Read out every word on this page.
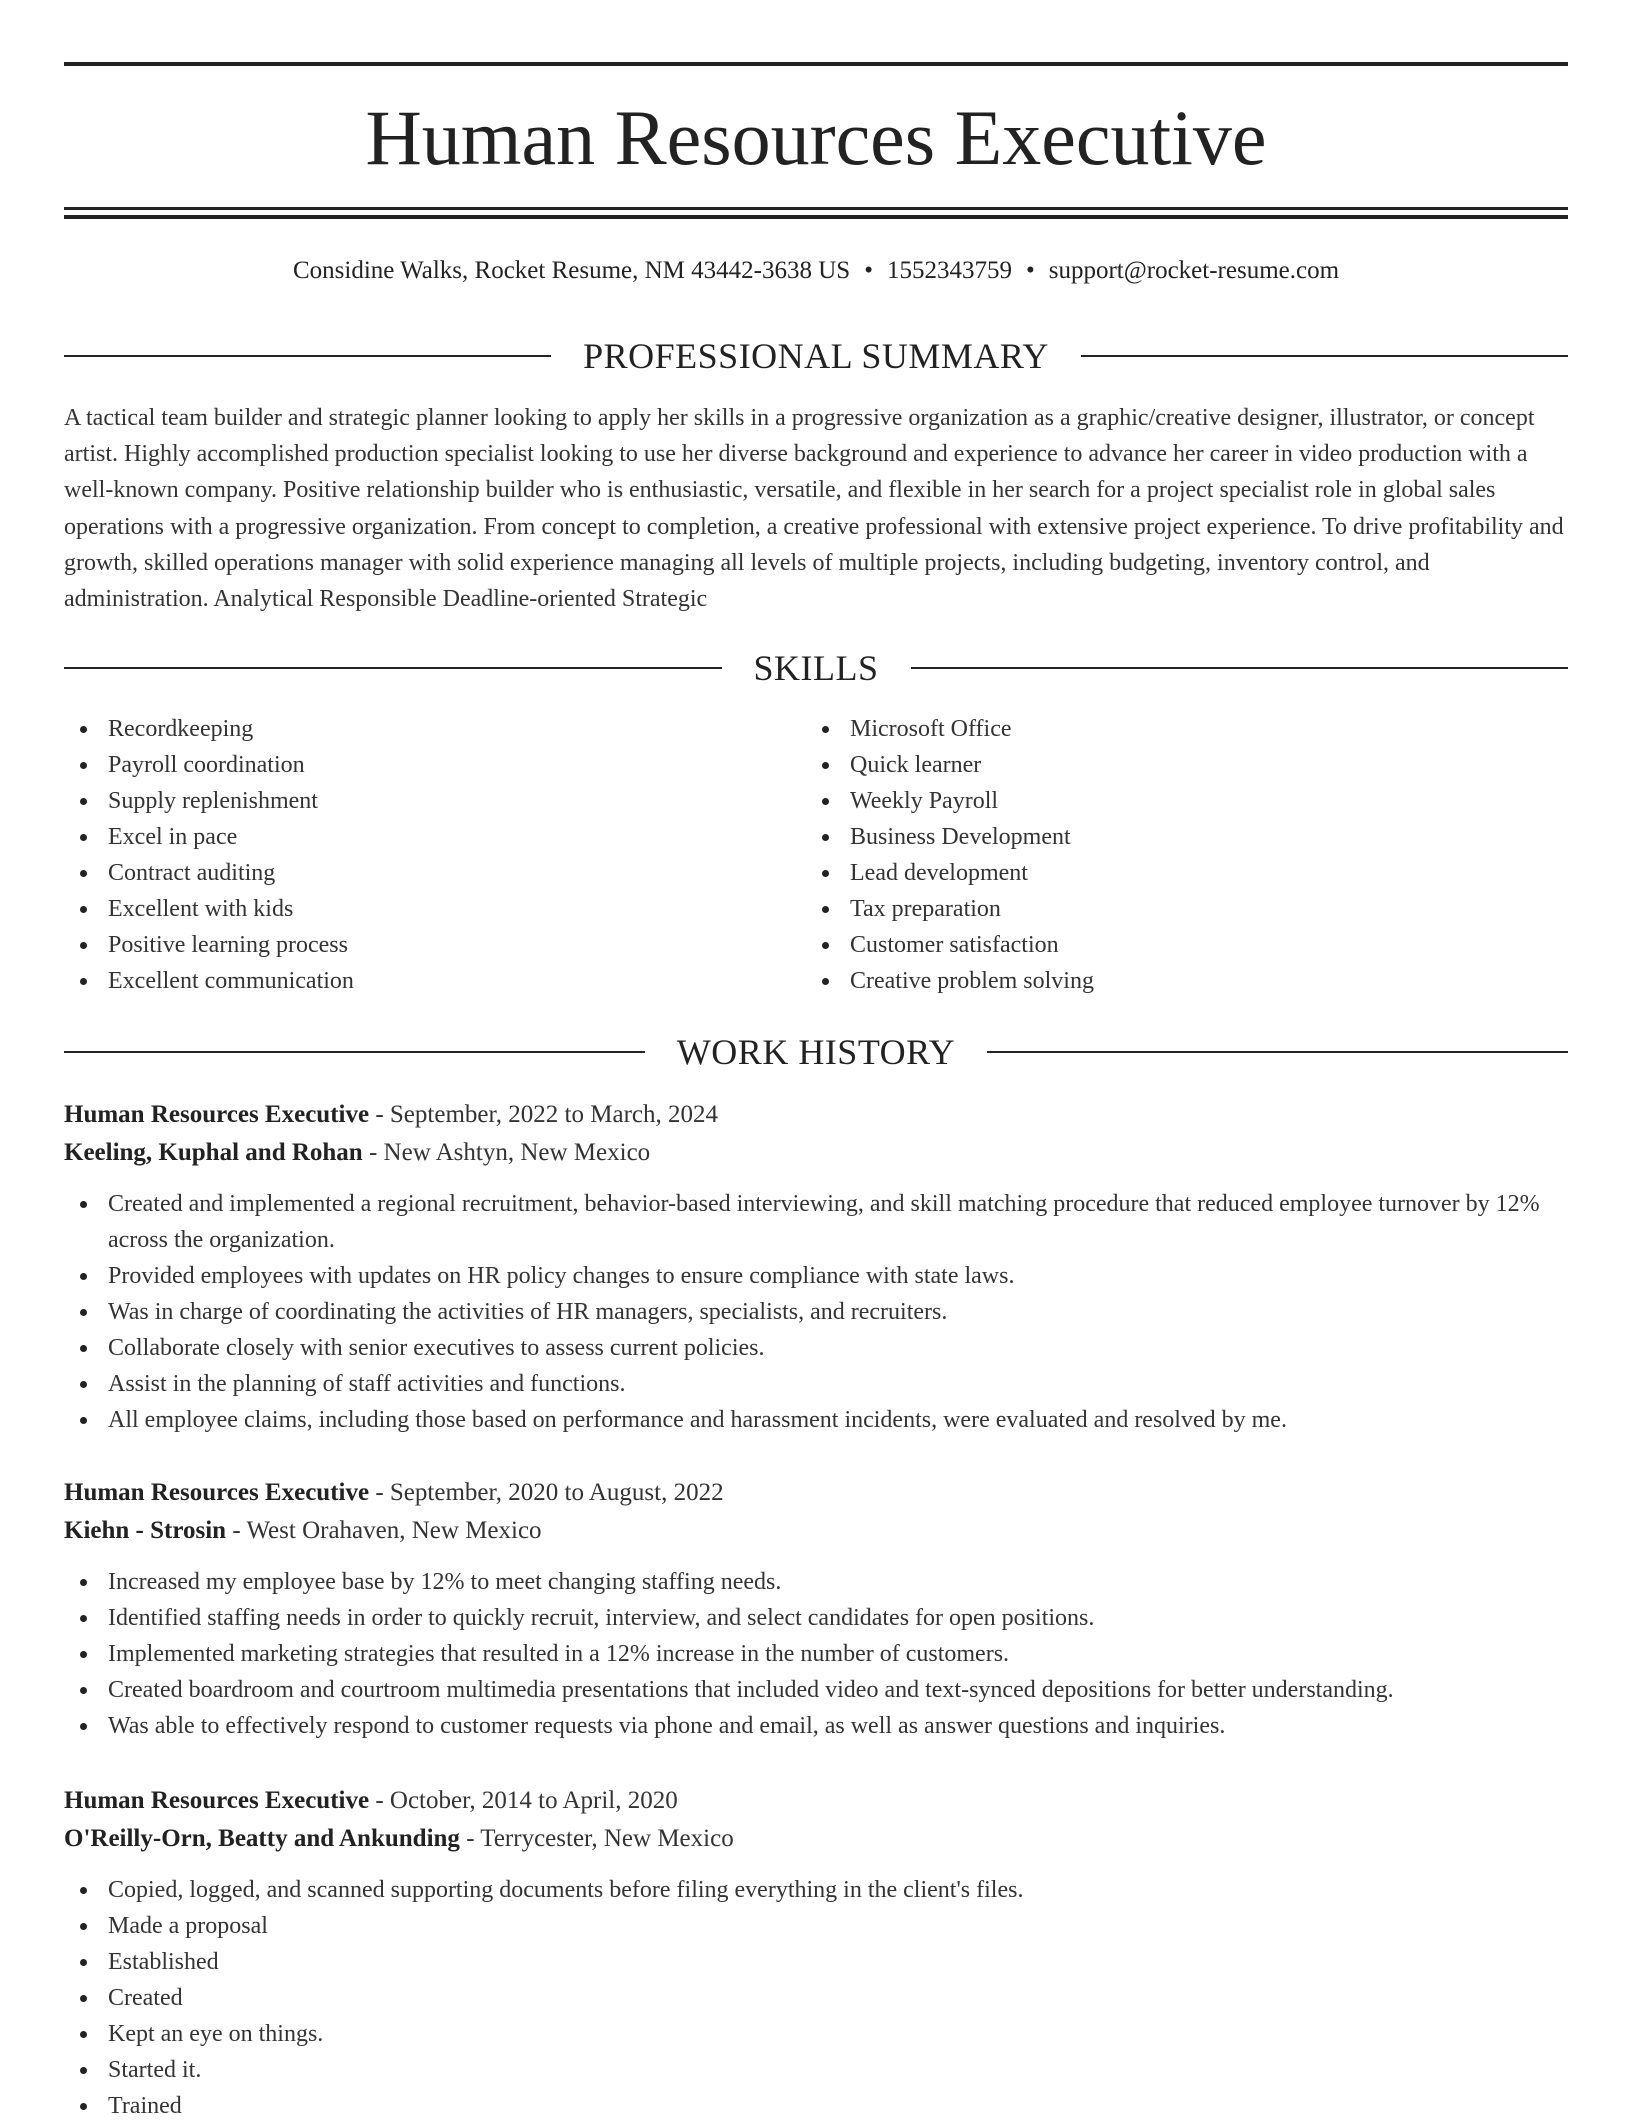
Human Resources Executive
Considine Walks, Rocket Resume, NM 43442-3638 US • 1552343759 • support@rocket-resume.com
PROFESSIONAL SUMMARY

A tactical team builder and strategic planner looking to apply her skills in a progressive organization as a graphic/creative designer, illustrator, or concept artist. Highly accomplished production specialist looking to use her diverse background and experience to advance her career in video production with a well-known company. Positive relationship builder who is enthusiastic, versatile, and flexible in her search for a project specialist role in global sales operations with a progressive organization. From concept to completion, a creative professional with extensive project experience. To drive profitability and growth, skilled operations manager with solid experience managing all levels of multiple projects, including budgeting, inventory control, and administration. Analytical Responsible Deadline-oriented Strategic

SKILLS
Recordkeeping
Payroll coordination
Supply replenishment
Excel in pace
Contract auditing
Excellent with kids
Positive learning process
Excellent communication
Microsoft Office
Quick learner
Weekly Payroll
Business Development
Lead development
Tax preparation
Customer satisfaction
Creative problem solving
WORK HISTORY
Human Resources Executive - September, 2022 to March, 2024
Keeling, Kuphal and Rohan - New Ashtyn, New Mexico
Created and implemented a regional recruitment, behavior-based interviewing, and skill matching procedure that reduced employee turnover by 12% across the organization.
Provided employees with updates on HR policy changes to ensure compliance with state laws.
Was in charge of coordinating the activities of HR managers, specialists, and recruiters.
Collaborate closely with senior executives to assess current policies.
Assist in the planning of staff activities and functions.
All employee claims, including those based on performance and harassment incidents, were evaluated and resolved by me.
Human Resources Executive - September, 2020 to August, 2022
Kiehn - Strosin - West Orahaven, New Mexico
Increased my employee base by 12% to meet changing staffing needs.
Identified staffing needs in order to quickly recruit, interview, and select candidates for open positions.
Implemented marketing strategies that resulted in a 12% increase in the number of customers.
Created boardroom and courtroom multimedia presentations that included video and text-synced depositions for better understanding.
Was able to effectively respond to customer requests via phone and email, as well as answer questions and inquiries.
Human Resources Executive - October, 2014 to April, 2020
O'Reilly-Orn, Beatty and Ankunding - Terrycester, New Mexico
Copied, logged, and scanned supporting documents before filing everything in the client's files.
Made a proposal
Established
Created
Kept an eye on things.
Started it.
Trained
